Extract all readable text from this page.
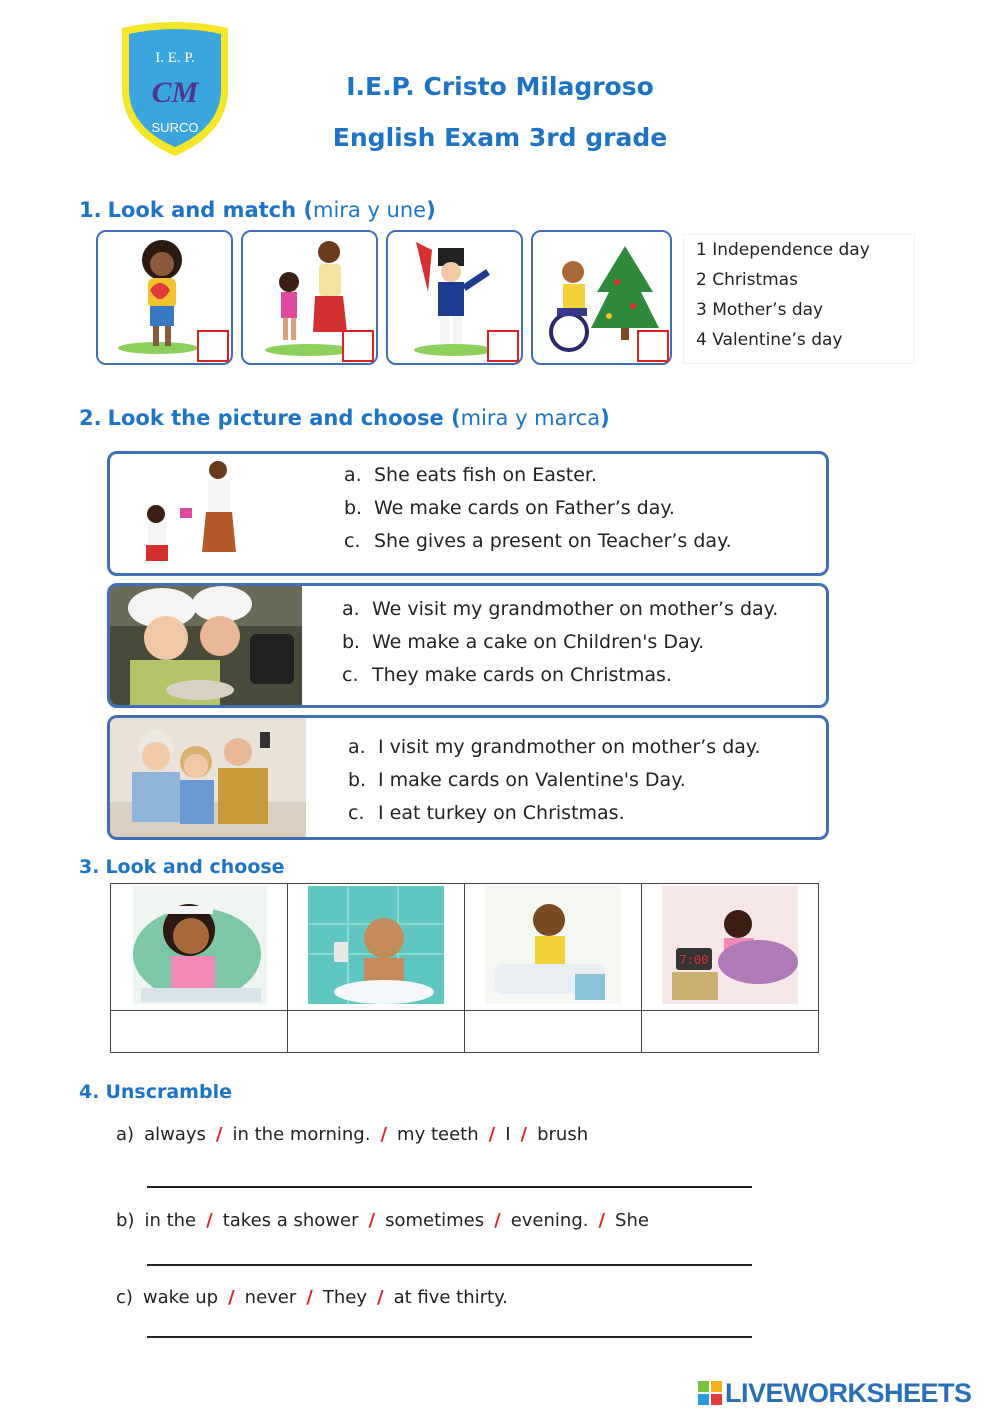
I. E. P.
CM
SURCO
I.E.P. Cristo Milagroso
English Exam 3rd grade
1. Look and match (mira y une)
1 Independence day
2 Christmas
3 Mother’s day
4 Valentine’s day
2. Look the picture and choose (mira y marca)
a. She eats fish on Easter.
b. We make cards on Father’s day.
c. She gives a present on Teacher’s day.
a. We visit my grandmother on mother’s day.
b. We make a cake on Children's Day.
c. They make cards on Christmas.
a. I visit my grandmother on mother’s day.
b. I make cards on Valentine's Day.
c. I eat turkey on Christmas.
3. Look and choose

7:00

4. Unscramble
a) always / in the morning. / my teeth / I / brush
b) in the / takes a shower / sometimes / evening. / She
c) wake up / never / They / at five thirty.
LIVEWORKSHEETS
